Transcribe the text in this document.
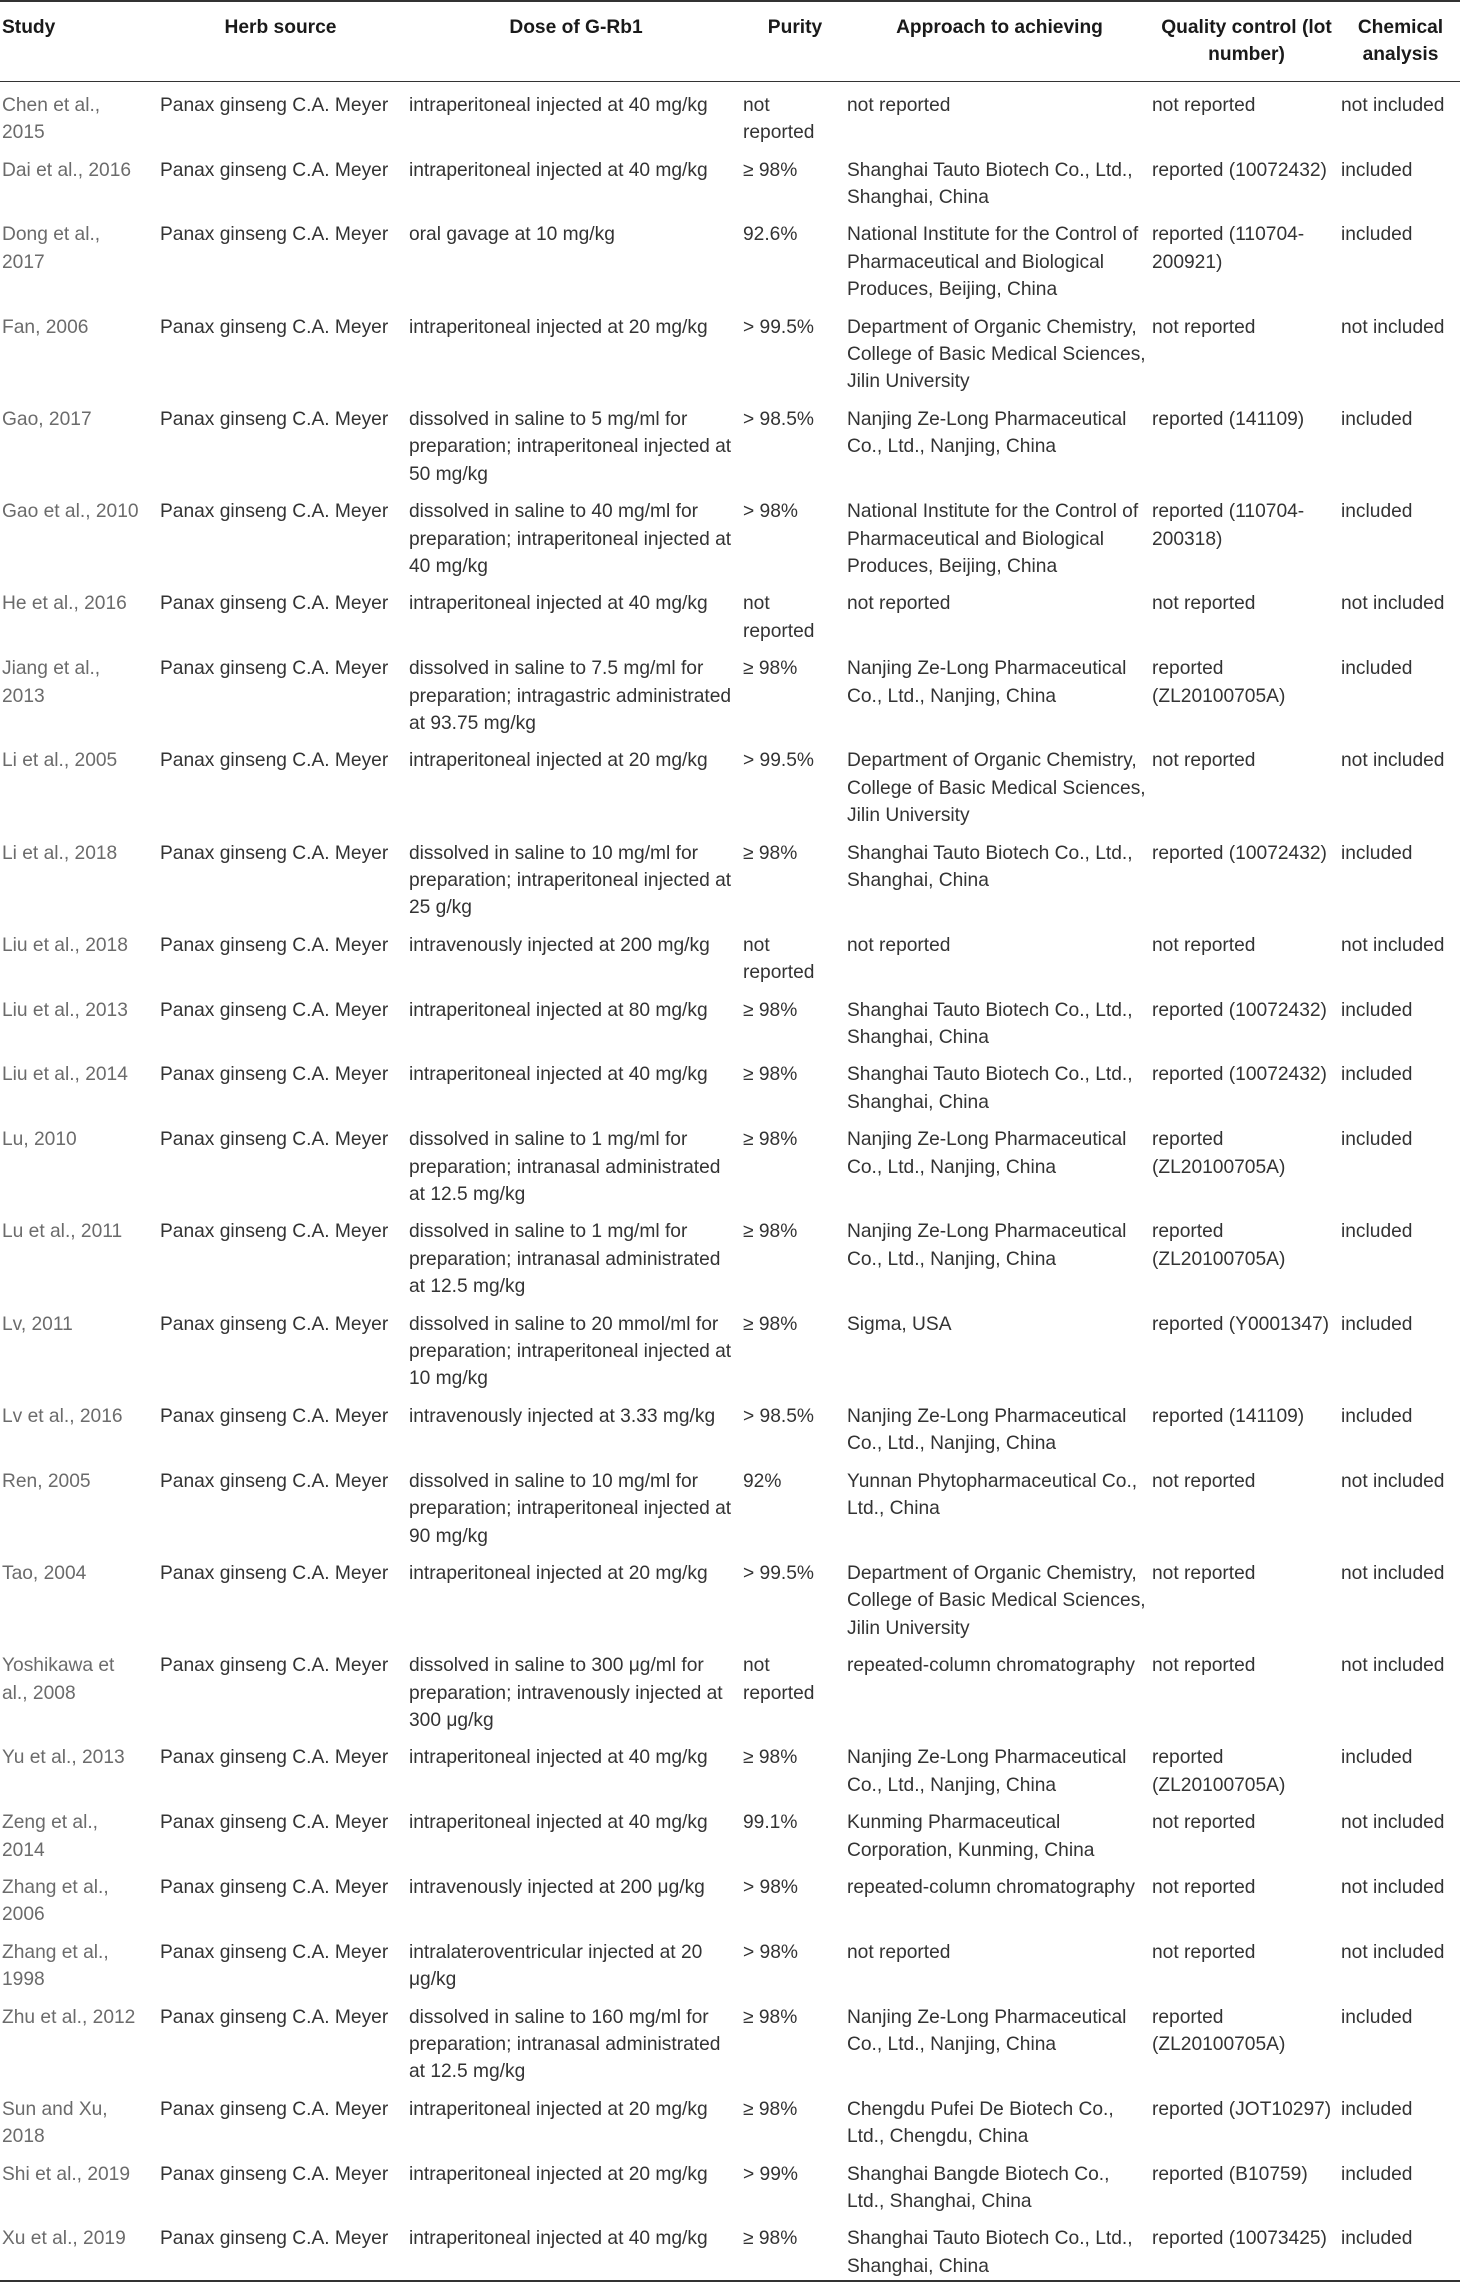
Study	Herb source	Dose of G-Rb1	Purity	Approach to achieving	Quality control (lot number)	Chemical analysis
Chen et al., 2015	Panax ginseng C.A. Meyer	intraperitoneal injected at 40 mg/kg	not reported	not reported	not reported	not included
Dai et al., 2016	Panax ginseng C.A. Meyer	intraperitoneal injected at 40 mg/kg	≥ 98%	Shanghai Tauto Biotech Co., Ltd., Shanghai, China	reported (10072432)	included
Dong et al., 2017	Panax ginseng C.A. Meyer	oral gavage at 10 mg/kg	92.6%	National Institute for the Control of Pharmaceutical and Biological Produces, Beijing, China	reported (110704-200921)	included
Fan, 2006	Panax ginseng C.A. Meyer	intraperitoneal injected at 20 mg/kg	> 99.5%	Department of Organic Chemistry, College of Basic Medical Sciences, Jilin University	not reported	not included
Gao, 2017	Panax ginseng C.A. Meyer	dissolved in saline to 5 mg/ml for preparation; intraperitoneal injected at 50 mg/kg	> 98.5%	Nanjing Ze-Long Pharmaceutical Co., Ltd., Nanjing, China	reported (141109)	included
Gao et al., 2010	Panax ginseng C.A. Meyer	dissolved in saline to 40 mg/ml for preparation; intraperitoneal injected at 40 mg/kg	> 98%	National Institute for the Control of Pharmaceutical and Biological Produces, Beijing, China	reported (110704-200318)	included
He et al., 2016	Panax ginseng C.A. Meyer	intraperitoneal injected at 40 mg/kg	not reported	not reported	not reported	not included
Jiang et al., 2013	Panax ginseng C.A. Meyer	dissolved in saline to 7.5 mg/ml for preparation; intragastric administrated at 93.75 mg/kg	≥ 98%	Nanjing Ze-Long Pharmaceutical Co., Ltd., Nanjing, China	reported (ZL20100705A)	included
Li et al., 2005	Panax ginseng C.A. Meyer	intraperitoneal injected at 20 mg/kg	> 99.5%	Department of Organic Chemistry, College of Basic Medical Sciences, Jilin University	not reported	not included
Li et al., 2018	Panax ginseng C.A. Meyer	dissolved in saline to 10 mg/ml for preparation; intraperitoneal injected at 25 g/kg	≥ 98%	Shanghai Tauto Biotech Co., Ltd., Shanghai, China	reported (10072432)	included
Liu et al., 2018	Panax ginseng C.A. Meyer	intravenously injected at 200 mg/kg	not reported	not reported	not reported	not included
Liu et al., 2013	Panax ginseng C.A. Meyer	intraperitoneal injected at 80 mg/kg	≥ 98%	Shanghai Tauto Biotech Co., Ltd., Shanghai, China	reported (10072432)	included
Liu et al., 2014	Panax ginseng C.A. Meyer	intraperitoneal injected at 40 mg/kg	≥ 98%	Shanghai Tauto Biotech Co., Ltd., Shanghai, China	reported (10072432)	included
Lu, 2010	Panax ginseng C.A. Meyer	dissolved in saline to 1 mg/ml for preparation; intranasal administrated at 12.5 mg/kg	≥ 98%	Nanjing Ze-Long Pharmaceutical Co., Ltd., Nanjing, China	reported (ZL20100705A)	included
Lu et al., 2011	Panax ginseng C.A. Meyer	dissolved in saline to 1 mg/ml for preparation; intranasal administrated at 12.5 mg/kg	≥ 98%	Nanjing Ze-Long Pharmaceutical Co., Ltd., Nanjing, China	reported (ZL20100705A)	included
Lv, 2011	Panax ginseng C.A. Meyer	dissolved in saline to 20 mmol/ml for preparation; intraperitoneal injected at 10 mg/kg	≥ 98%	Sigma, USA	reported (Y0001347)	included
Lv et al., 2016	Panax ginseng C.A. Meyer	intravenously injected at 3.33 mg/kg	> 98.5%	Nanjing Ze-Long Pharmaceutical Co., Ltd., Nanjing, China	reported (141109)	included
Ren, 2005	Panax ginseng C.A. Meyer	dissolved in saline to 10 mg/ml for preparation; intraperitoneal injected at 90 mg/kg	92%	Yunnan Phytopharmaceutical Co., Ltd., China	not reported	not included
Tao, 2004	Panax ginseng C.A. Meyer	intraperitoneal injected at 20 mg/kg	> 99.5%	Department of Organic Chemistry, College of Basic Medical Sciences, Jilin University	not reported	not included
Yoshikawa et al., 2008	Panax ginseng C.A. Meyer	dissolved in saline to 300 μg/ml for preparation; intravenously injected at 300 μg/kg	not reported	repeated-column chromatography	not reported	not included
Yu et al., 2013	Panax ginseng C.A. Meyer	intraperitoneal injected at 40 mg/kg	≥ 98%	Nanjing Ze-Long Pharmaceutical Co., Ltd., Nanjing, China	reported (ZL20100705A)	included
Zeng et al., 2014	Panax ginseng C.A. Meyer	intraperitoneal injected at 40 mg/kg	99.1%	Kunming Pharmaceutical Corporation, Kunming, China	not reported	not included
Zhang et al., 2006	Panax ginseng C.A. Meyer	intravenously injected at 200 μg/kg	> 98%	repeated-column chromatography	not reported	not included
Zhang et al., 1998	Panax ginseng C.A. Meyer	intralateroventricular injected at 20 μg/kg	> 98%	not reported	not reported	not included
Zhu et al., 2012	Panax ginseng C.A. Meyer	dissolved in saline to 160 mg/ml for preparation; intranasal administrated at 12.5 mg/kg	≥ 98%	Nanjing Ze-Long Pharmaceutical Co., Ltd., Nanjing, China	reported (ZL20100705A)	included
Sun and Xu, 2018	Panax ginseng C.A. Meyer	intraperitoneal injected at 20 mg/kg	≥ 98%	Chengdu Pufei De Biotech Co., Ltd., Chengdu, China	reported (JOT10297)	included
Shi et al., 2019	Panax ginseng C.A. Meyer	intraperitoneal injected at 20 mg/kg	> 99%	Shanghai Bangde Biotech Co., Ltd., Shanghai, China	reported (B10759)	included
Xu et al., 2019	Panax ginseng C.A. Meyer	intraperitoneal injected at 40 mg/kg	≥ 98%	Shanghai Tauto Biotech Co., Ltd., Shanghai, China	reported (10073425)	included
